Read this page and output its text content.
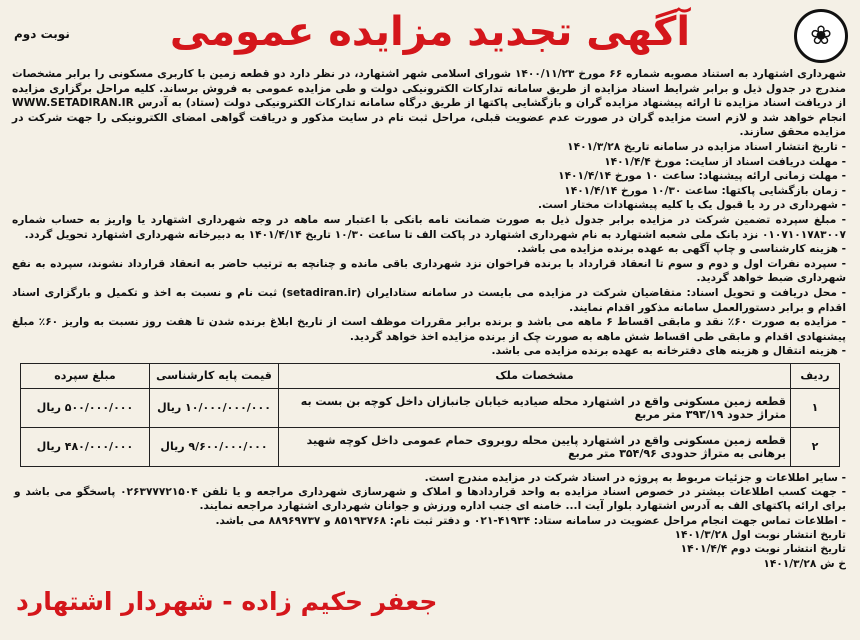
❀
آگهی تجدید مزایده عمومی
نوبت دوم

شهرداری اشتهارد به استناد مصوبه شماره ۶۶ مورخ ۱۴۰۰/۱۱/۲۳ شورای اسلامی شهر اشتهارد، در نظر دارد دو قطعه زمین با کاربری مسکونی را برابر مشخصات مندرج در جدول ذیل و برابر شرایط اسناد مزایده از طریق سامانه تدارکات الکترونیکی دولت و طی مزایده عمومی به فروش برساند. کلیه مراحل برگزاری مزایده از دریافت اسناد مزایده تا ارائه پیشنهاد مزایده گران و بازگشایی پاکتها از طریق درگاه سامانه تدارکات الکترونیکی دولت (ستاد) به آدرس WWW.SETADIRAN.IR انجام خواهد شد و لازم است مزایده گران در صورت عدم عضویت قبلی، مراحل ثبت نام در سایت مذکور و دریافت گواهی امضای الکترونیکی را جهت شرکت در مزایده محقق سازند.

- تاریخ انتشار اسناد مزایده در سامانه تاریخ ۱۴۰۱/۳/۲۸
- مهلت دریافت اسناد از سایت: مورخ ۱۴۰۱/۴/۴
- مهلت زمانی ارائه پیشنهاد: ساعت ۱۰ مورخ ۱۴۰۱/۴/۱۴
- زمان بازگشایی پاکتها: ساعت ۱۰/۳۰ مورخ ۱۴۰۱/۴/۱۴
- شهرداری در رد یا قبول یک یا کلیه پیشنهادات مختار است.
- مبلغ سپرده تضمین شرکت در مزایده برابر جدول ذیل به صورت ضمانت نامه بانکی با اعتبار سه ماهه در وجه شهرداری اشتهارد یا واریز به حساب شماره ۰۱۰۷۱۰۱۷۸۳۰۰۷ نزد بانک ملی شعبه اشتهارد به نام شهرداری اشتهارد در پاکت الف تا ساعت ۱۰/۳۰ تاریخ ۱۴۰۱/۴/۱۴ به دبیرخانه شهرداری اشتهارد تحویل گردد.
- هزینه کارشناسی و چاپ آگهی به عهده برنده مزایده می باشد.
- سپرده نفرات اول و دوم و سوم تا انعقاد قرارداد با برنده فراخوان نزد شهرداری باقی مانده و چنانچه به ترتیب حاضر به انعقاد قرارداد نشوند، سپرده به نفع شهرداری ضبط خواهد گردید.
- محل دریافت و تحویل اسناد: متقاضیان شرکت در مزایده می بایست در سامانه ستادایران (setadiran.ir) ثبت نام و نسبت به اخذ و تکمیل و بارگزاری اسناد اقدام و برابر دستورالعمل سامانه مذکور اقدام نمایند.
- مزایده به صورت ۶۰٪ نقد و مابقی اقساط ۶ ماهه می باشد و برنده برابر مقررات موظف است از تاریخ ابلاغ برنده شدن تا هفت روز نسبت به واریز ۶۰٪ مبلغ پیشنهادی اقدام و مابقی طی اقساط شش ماهه به صورت چک از برنده مزایده اخذ خواهد گردید.
- هزینه انتقال و هزینه های دفترخانه به عهده برنده مزایده می باشد.
ردیف	مشخصات ملک	قیمت پایه کارشناسی	مبلغ سپرده
۱	قطعه زمین مسکونی واقع در اشتهارد محله صیادیه خیابان جانبازان داخل کوچه بن بست به متراژ حدود ۳۹۳/۱۹ متر مربع	۱۰/۰۰۰/۰۰۰/۰۰۰ ریال	۵۰۰/۰۰۰/۰۰۰ ریال
۲	قطعه زمین مسکونی واقع در اشتهارد پایین محله روبروی حمام عمومی داخل کوچه شهید برهانی به متراژ حدودی ۳۵۴/۹۶ متر مربع	۹/۶۰۰/۰۰۰/۰۰۰ ریال	۴۸۰/۰۰۰/۰۰۰ ریال

- سایر اطلاعات و جزئیات مربوط به پروژه در اسناد شرکت در مزایده مندرج است.

- جهت کسب اطلاعات بیشتر در خصوص اسناد مزایده به واحد قراردادها و املاک و شهرسازی شهرداری مراجعه و یا تلفن ۰۲۶۳۷۷۷۲۱۵۰۴ پاسخگو می باشد و برای ارائه پاکتهای الف به آدرس اشتهارد بلوار آیت ا... خامنه ای جنب اداره ورزش و جوانان شهرداری اشتهارد مراجعه نمایند.

- اطلاعات تماس جهت انجام مراحل عضویت در سامانه ستاد: ۴۱۹۳۴-۰۲۱ و دفتر ثبت نام: ۸۵۱۹۳۷۶۸ و ۸۸۹۶۹۷۳۷ می باشد.

تاریخ انتشار نوبت اول ۱۴۰۱/۳/۲۸

تاریخ انتشار نوبت دوم ۱۴۰۱/۴/۴

خ ش ۱۴۰۱/۳/۲۸

جعفر حکیم زاده - شهردار اشتهارد
